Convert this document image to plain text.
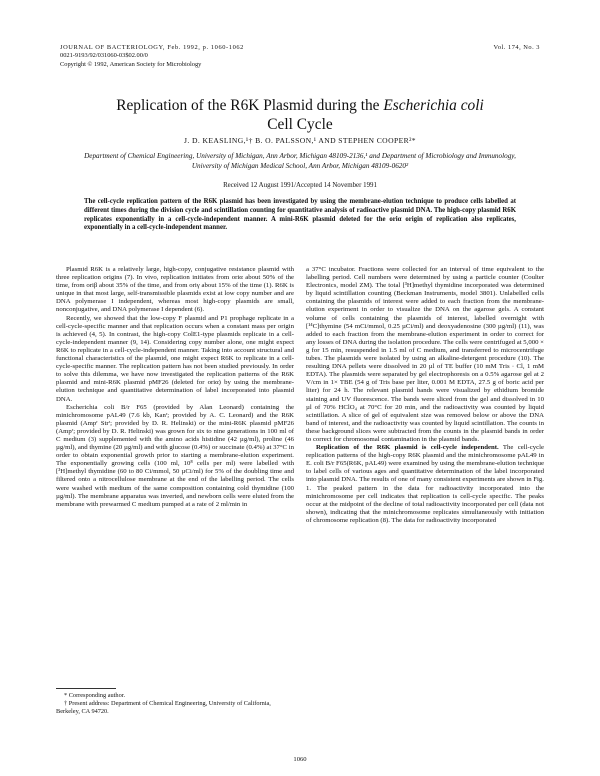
JOURNAL OF BACTERIOLOGY, Feb. 1992, p. 1060-1062
0021-9193/92/031060-03$02.00/0
Copyright © 1992, American Society for Microbiology
Vol. 174, No. 3
Replication of the R6K Plasmid during the Escherichia coli
Cell Cycle
J. D. KEASLING,¹† B. O. PALSSON,¹ AND STEPHEN COOPER²*
Department of Chemical Engineering, University of Michigan, Ann Arbor, Michigan 48109-2136,¹ and Department of Microbiology and Immunology, University of Michigan Medical School, Ann Arbor, Michigan 48109-0620²
Received 12 August 1991/Accepted 14 November 1991
The cell-cycle replication pattern of the R6K plasmid has been investigated by using the membrane-elution technique to produce cells labelled at different times during the division cycle and scintillation counting for quantitative analysis of radioactive plasmid DNA. The high-copy plasmid R6K replicates exponentially in a cell-cycle-independent manner. A mini-R6K plasmid deleted for the oriα origin of replication also replicates, exponentially in a cell-cycle-independent manner.

Plasmid R6K is a relatively large, high-copy, conjugative resistance plasmid with three replication origins (7). In vivo, replication initiates from oriα about 50% of the time, from oriβ about 35% of the time, and from oriγ about 15% of the time (1). R6K is unique in that most large, self-transmissible plasmids exist at low copy number and are DNA polymerase I independent, whereas most high-copy plasmids are small, nonconjugative, and DNA polymerase I dependent (6).

Recently, we showed that the low-copy F plasmid and P1 prophage replicate in a cell-cycle-specific manner and that replication occurs when a constant mass per origin is achieved (4, 5). In contrast, the high-copy ColE1-type plasmids replicate in a cell-cycle-independent manner (9, 14). Considering copy number alone, one might expect R6K to replicate in a cell-cycle-independent manner. Taking into account structural and functional characteristics of the plasmid, one might expect R6K to replicate in a cell-cycle-specific manner. The replication pattern has not been studied previously. In order to solve this dilemma, we have now investigated the replication patterns of the R6K plasmid and mini-R6K plasmid pMF26 (deleted for oriα) by using the membrane-elution technique and quantitative determination of label incorporated into plasmid DNA.

Escherichia coli B/r F65 (provided by Alan Leonard) containing the minichromosome pAL49 (7.6 kb, Kanʳ; provided by A. C. Leonard) and the R6K plasmid (Ampʳ Strʳ; provided by D. R. Helinski) or the mini-R6K plasmid pMF26 (Ampʳ; provided by D. R. Helinski) was grown for six to nine generations in 100 ml of C medium (3) supplemented with the amino acids histidine (42 µg/ml), proline (46 µg/ml), and thymine (20 µg/ml) and with glucose (0.4%) or succinate (0.4%) at 37°C in order to obtain exponential growth prior to starting a membrane-elution experiment. The exponentially growing cells (100 ml, 10⁸ cells per ml) were labelled with [³H]methyl thymidine (60 to 80 Ci/mmol, 50 µCi/ml) for 5% of the doubling time and filtered onto a nitrocellulose membrane at the end of the labelling period. The cells were washed with medium of the same composition containing cold thymidine (100 µg/ml). The membrane apparatus was inverted, and newborn cells were eluted from the membrane with prewarmed C medium pumped at a rate of 2 ml/min in

* Corresponding author.

† Present address: Department of Chemical Engineering, University of California, Berkeley, CA 94720.

a 37°C incubator. Fractions were collected for an interval of time equivalent to the labelling period. Cell numbers were determined by using a particle counter (Coulter Electronics, model ZM). The total [³H]methyl thymidine incorporated was determined by liquid scintillation counting (Beckman Instruments, model 3801). Unlabelled cells containing the plasmids of interest were added to each fraction from the membrane-elution experiment in order to visualize the DNA on the agarose gels. A constant volume of cells containing the plasmids of interest, labelled overnight with [¹⁴C]thymine (54 mCi/mmol, 0.25 µCi/ml) and deoxyadenosine (300 µg/ml) (11), was added to each fraction from the membrane-elution experiment in order to correct for any losses of DNA during the isolation procedure. The cells were centrifuged at 5,000 × g for 15 min, resuspended in 1.5 ml of C medium, and transferred to microcentrifuge tubes. The plasmids were isolated by using an alkaline-detergent procedure (10). The resulting DNA pellets were dissolved in 20 µl of TE buffer (10 mM Tris · Cl, 1 mM EDTA). The plasmids were separated by gel electrophoresis on a 0.5% agarose gel at 2 V/cm in 1× TBE (54 g of Tris base per liter, 0.001 M EDTA, 27.5 g of boric acid per liter) for 24 h. The relevant plasmid bands were visualized by ethidium bromide staining and UV fluorescence. The bands were sliced from the gel and dissolved in 10 µl of 70% HClO₄ at 70°C for 20 min, and the radioactivity was counted by liquid scintillation. A slice of gel of equivalent size was removed below or above the DNA band of interest, and the radioactivity was counted by liquid scintillation. The counts in these background slices were subtracted from the counts in the plasmid bands in order to correct for chromosomal contamination in the plasmid bands.

Replication of the R6K plasmid is cell-cycle independent. The cell-cycle replication patterns of the high-copy R6K plasmid and the minichromosome pAL49 in E. coli B/r F65(R6K, pAL49) were examined by using the membrane-elution technique to label cells of various ages and quantitative determination of the label incorporated into plasmid DNA. The results of one of many consistent experiments are shown in Fig. 1. The peaked pattern in the data for radioactivity incorporated into the minichromosome per cell indicates that replication is cell-cycle specific. The peaks occur at the midpoint of the decline of total radioactivity incorporated per cell (data not shown), indicating that the minichromosome replicates simultaneously with initiation of chromosome replication (8). The data for radioactivity incorporated

1060
